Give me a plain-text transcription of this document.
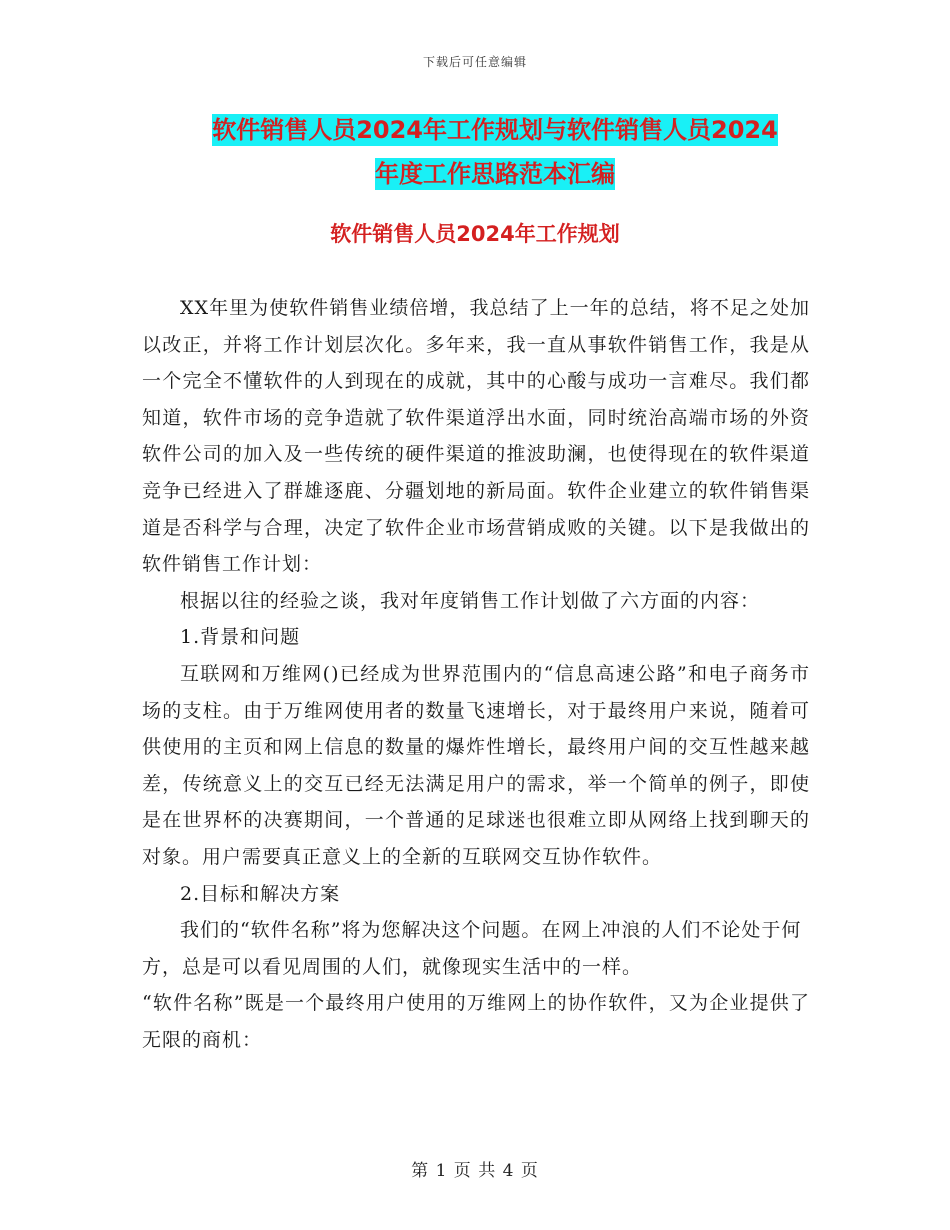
下载后可任意编辑
软件销售人员2024年工作规划与软件销售人员2024
年度工作思路范本汇编
软件销售人员2024年工作规划

XX年里为使软件销售业绩倍增，我总结了上一年的总结，将不足之处加以改正，并将工作计划层次化。多年来，我一直从事软件销售工作，我是从一个完全不懂软件的人到现在的成就，其中的心酸与成功一言难尽。我们都知道，软件市场的竞争造就了软件渠道浮出水面，同时统治高端市场的外资软件公司的加入及一些传统的硬件渠道的推波助澜，也使得现在的软件渠道竞争已经进入了群雄逐鹿、分疆划地的新局面。软件企业建立的软件销售渠道是否科学与合理，决定了软件企业市场营销成败的关键。以下是我做出的软件销售工作计划：

根据以往的经验之谈，我对年度销售工作计划做了六方面的内容：

1.背景和问题

互联网和万维网()已经成为世界范围内的“信息高速公路”和电子商务市场的支柱。由于万维网使用者的数量飞速增长，对于最终用户来说，随着可供使用的主页和网上信息的数量的爆炸性增长，最终用户间的交互性越来越差，传统意义上的交互已经无法满足用户的需求，举一个简单的例子，即使是在世界杯的决赛期间，一个普通的足球迷也很难立即从网络上找到聊天的对象。用户需要真正意义上的全新的互联网交互协作软件。

2.目标和解决方案

我们的“软件名称”将为您解决这个问题。在网上冲浪的人们不论处于何方，总是可以看见周围的人们，就像现实生活中的一样。

“软件名称”既是一个最终用户使用的万维网上的协作软件，又为企业提供了无限的商机：

第 1 页 共 4 页
